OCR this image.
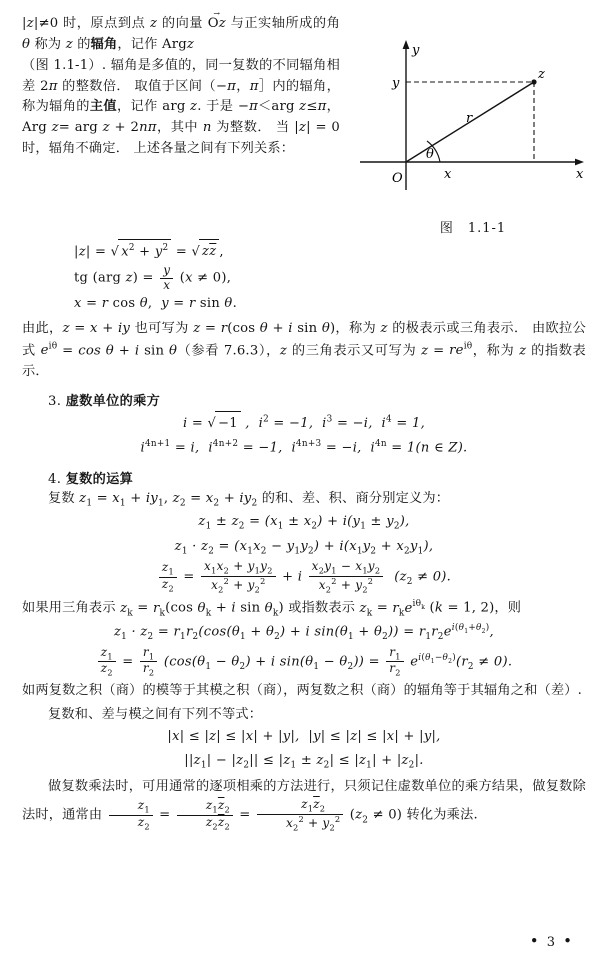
|z|≠0 时，原点到点 z 的向量 Oz → 与正实轴所成的角 θ 称为 z 的辐角，记作 Argz
（图 1.1-1）. 辐角是多值的，同一复数的不同辐角相差 2π 的整数倍． 取值于区间（−π，π］内的辐角，称为辐角的主值，记作 arg z. 于是 −π＜arg z≤π，Arg z= arg z + 2nπ，其中 n 为整数． 当 |z| = 0 时，辐角不确定． 上述各量之间有下列关系：
y
x
O	x
y
r
z
θ
图 1.1-1
|z| = √ $x^2 + y^2$ = √ $z\overline{z}$ ,
tg (arg $z) = \frac{y}{x} (x \ne 0)$,
x = r cos θ,  y = r sin θ.
由此，z = x + iy 也可写为 z = r(cos θ + i sin θ)，称为 z 的极表示或三角表示． 由欧拉公式 $e^{i\theta} = \cos \theta + i$ sin θ（参看 7.6.3），z 的三角表示又可写为 $z = re^{i\theta}$，称为 z 的指数表示．
3. 虚数单位的乘方
i = √ −1 ,  $i^2 = -1$,  $i^3 = -i$,  $i^4 = 1$,
$i^{4n+1} = i$,  $i^{4n+2} = -1$,  $i^{4n+3} = -i$,  $i^{4n} = 1(n$ ∈ Z).
4. 复数的运算
复数 $z_1 = x_1 + iy_1$, $z_2 = x_2 + iy_2$ 的和、差、积、商分别定义为：
$z_1 \pm z_2 = (x_1 \pm x_2) + i(y_1 \pm y_2)$,
$z_1 \cdot z_2 = (x_1x_2 - y_1y_2) + i(x_1y_2 + x_2y_1)$,
$\frac{z_1}{z_2} = \frac{x_1x_2 + y_1y_2}{x_2^2 + y_2^2} + i \frac{x_2y_1 - x_1y_2}{x_2^2 + y_2^2} (z_2 \ne 0)$.
如果用三角表示 $z_k = r_k(\cos$ $\theta_k + i$ $\sin \theta_k$) 或指数表示 $z_k = r_ke^{i\theta_k}$ (k = 1, 2)，则
$z_1 \cdot z_2 = r_1r_2(\cos(\theta_1 + \theta_2) + i$ $\sin(\theta_1 + \theta_2)) = r_1r_2e^{i(\theta_1+\theta_2)}$,
$\frac{z_1}{z_2} = \frac{r_1}{r_2} (\cos(\theta_1 - \theta_2) + i$ $\sin(\theta_1 - \theta_2)) = \frac{r_1}{r_2} e^{i(\theta_1-\theta_2)}(r_2 \ne 0)$.
如两复数之积（商）的模等于其模之积（商），两复数之积（商）的辐角等于其辐角之和（差）.
复数和、差与模之间有下列不等式：
|x| ≤ |z| ≤ |x| + |y|,  |y| ≤ |z| ≤ |x| + |y|,
$||z_1| - |z_2|| \le |z_1 \pm z_2| \le |z_1| + |z_2|$.
做复数乘法时，可用通常的逐项相乘的方法进行，只须记住虚数单位的乘方结果，做复数除法时，通常由 $\frac{z_1}{z_2} = \frac{z_1\overline{z}_2}{z_2\overline{z}_2} = \frac{z_1\overline{z}_2}{x_2^2 + y_2^2} (z_2 \ne 0)$ 转化为乘法.
• 3 •
